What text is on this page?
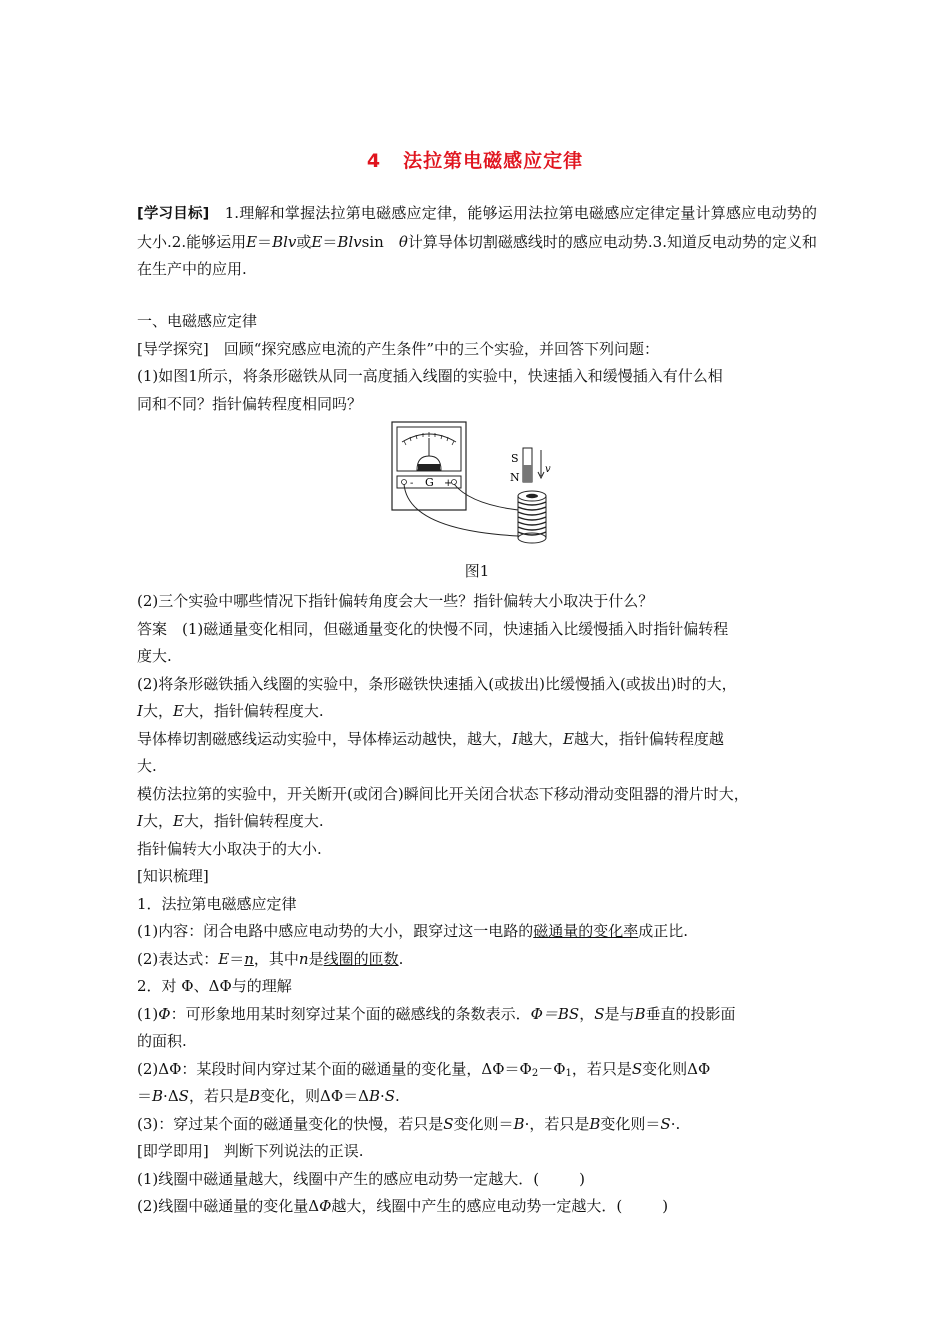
4 法拉第电磁感应定律
[学习目标]　1.理解和掌握法拉第电磁感应定律，能够运用法拉第电磁感应定律定量计算感应电动势的大小.2.能够运用E＝Blv或E＝Blvsin　θ计算导体切割磁感线时的感应电动势.3.知道反电动势的定义和在生产中的应用.

一、电磁感应定律

[导学探究]　回顾“探究感应电流的产生条件”中的三个实验，并回答下列问题：

(1)如图1所示，将条形磁铁从同一高度插入线圈的实验中，快速插入和缓慢插入有什么相

同和不同？指针偏转程度相同吗？

- G +
S
N
v
图1

(2)三个实验中哪些情况下指针偏转角度会大一些？指针偏转大小取决于什么？

答案　(1)磁通量变化相同，但磁通量变化的快慢不同，快速插入比缓慢插入时指针偏转程

度大.

(2)将条形磁铁插入线圈的实验中，条形磁铁快速插入(或拔出)比缓慢插入(或拔出)时的大，

I大，E大，指针偏转程度大.

导体棒切割磁感线运动实验中，导体棒运动越快，越大，I越大，E越大，指针偏转程度越

大.

模仿法拉第的实验中，开关断开(或闭合)瞬间比开关闭合状态下移动滑动变阻器的滑片时大，

I大，E大，指针偏转程度大.

指针偏转大小取决于的大小.

[知识梳理]

1．法拉第电磁感应定律

(1)内容：闭合电路中感应电动势的大小，跟穿过这一电路的磁通量的变化率成正比.

(2)表达式：E＝n，其中n是线圈的匝数.

2．对 Φ、ΔΦ与的理解

(1)Φ：可形象地用某时刻穿过某个面的磁感线的条数表示．Φ＝BS，S是与B垂直的投影面

的面积.

(2)ΔΦ：某段时间内穿过某个面的磁通量的变化量，$\Delta\Phi=\Phi_2-\Phi_1$，若只是S变化则ΔΦ

＝B·ΔS，若只是B变化，则ΔΦ＝ΔB·S.

(3)：穿过某个面的磁通量变化的快慢，若只是S变化则＝B·，若只是B变化则＝S·.

[即学即用]　判断下列说法的正误.

(1)线圈中磁通量越大，线圈中产生的感应电动势一定越大．(	)

(2)线圈中磁通量的变化量ΔΦ越大，线圈中产生的感应电动势一定越大．(	)
